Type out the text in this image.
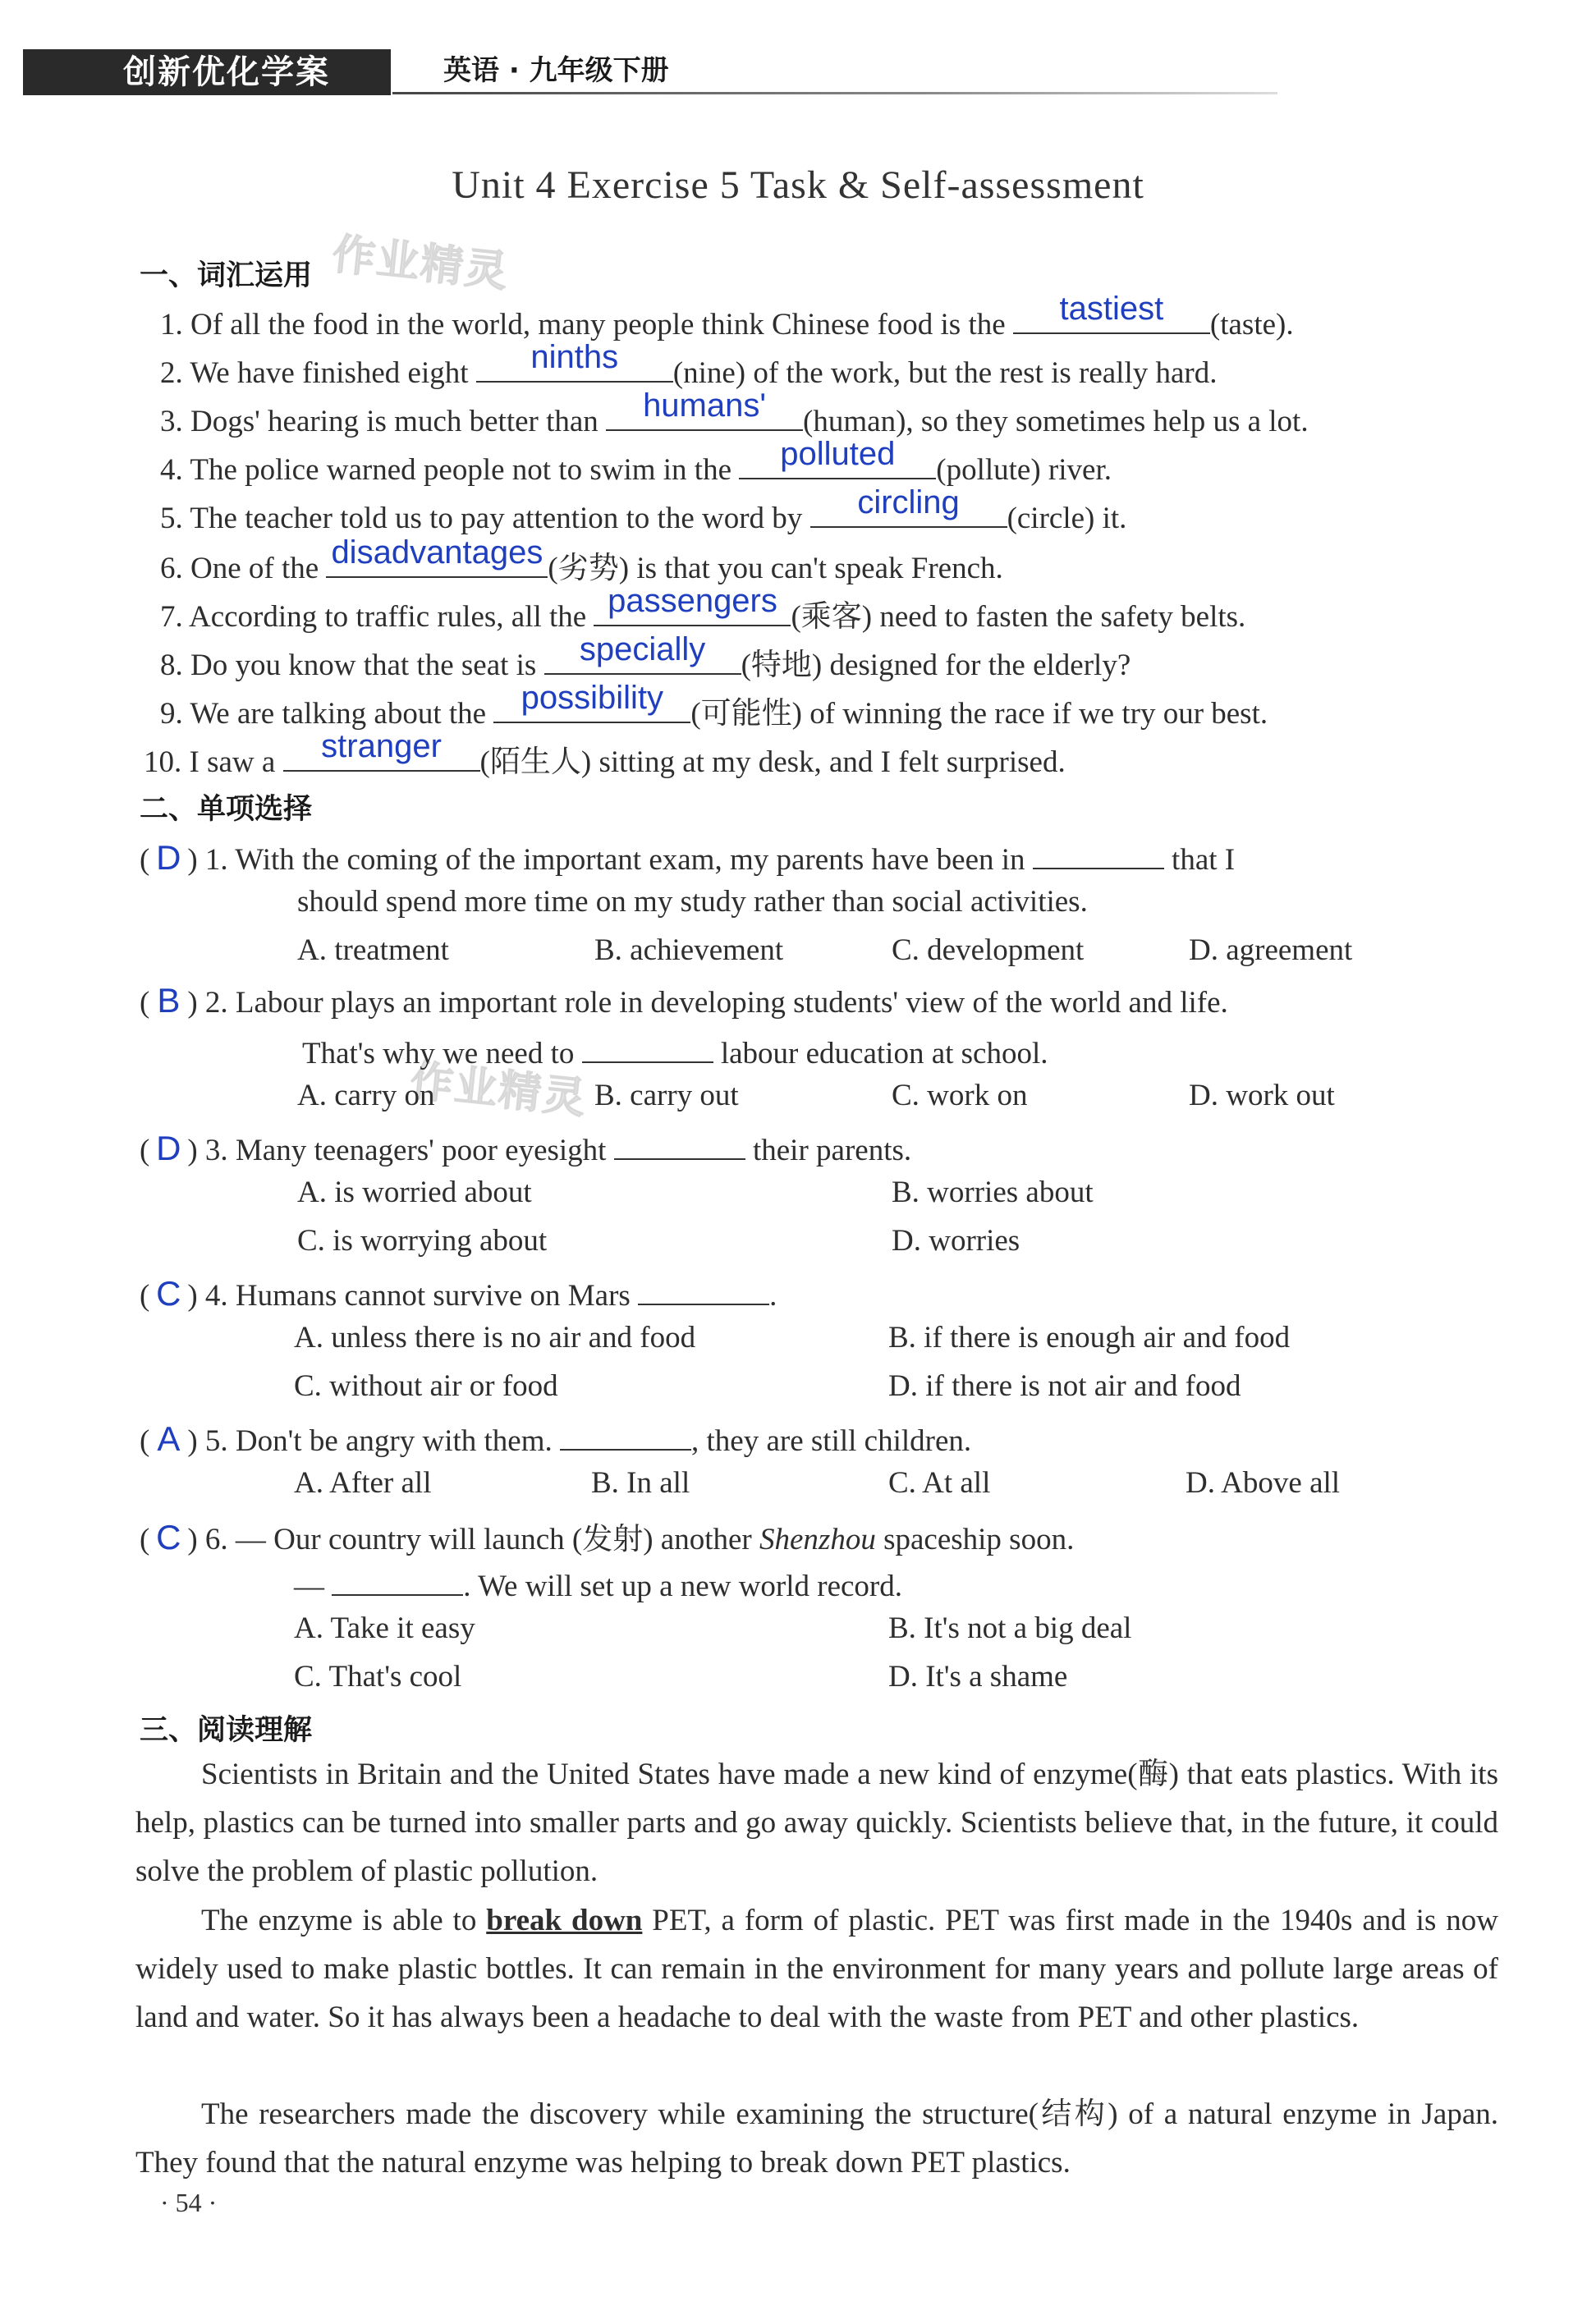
创新优化学案	英语 · 九年级下册
Unit 4 Exercise 5 Task & Self-assessment
作业精灵
作业精灵
一、词汇运用
1. Of all the food in the world, many people think Chinese food is the	tastiest	(taste).
2. We have finished eight	ninths	(nine) of the work, but the rest is really hard.
3. Dogs' hearing is much better than	humans'	(human), so they sometimes help us a lot.
4. The police warned people not to swim in the	polluted	(pollute) river.
5. The teacher told us to pay attention to the word by	circling	(circle) it.
6. One of the disadvantages (劣势) is that you can't speak French.
7. According to traffic rules, all the passengers (乘客) need to fasten the safety belts.
8. Do you know that the seat is	specially	(特地) designed for the elderly?
9. We are talking about the	possibility (可能性) of winning the race if we try our best.
10. I saw a	stranger	(陌生人) sitting at my desk, and I felt surprised.
二、单项选择
( D ) 1. With the coming of the important exam, my parents have been in	that I
should spend more time on my study rather than social activities.
A. treatment	B. achievement	C. development	D. agreement
( B ) 2. Labour plays an important role in developing students' view of the world and life.
That's why we need to	labour education at school.
A. carry on	B. carry out	C. work on	D. work out
( D ) 3. Many teenagers' poor eyesight	their parents.
A. is worried about	B. worries about
C. is worrying about	D. worries
( C ) 4. Humans cannot survive on Mars	.
A. unless there is no air and food	B. if there is enough air and food
C. without air or food	D. if there is not air and food
( A ) 5. Don't be angry with them.	, they are still children.
A. After all	B. In all	C. At all	D. Above all
( C ) 6. — Our country will launch (发射) another Shenzhou spaceship soon.
—	. We will set up a new world record.
A. Take it easy	B. It's not a big deal
C. That's cool	D. It's a shame
三、阅读理解
Scientists in Britain and the United States have made a new kind of enzyme(酶) that eats plastics. With its help, plastics can be turned into smaller parts and go away quickly. Scientists believe that, in the future, it could solve the problem of plastic pollution.
The enzyme is able to break down PET, a form of plastic. PET was first made in the 1940s and is now widely used to make plastic bottles. It can remain in the environment for many years and pollute large areas of land and water. So it has always been a headache to deal with the waste from PET and other plastics.
The researchers made the discovery while examining the structure(结构) of a natural enzyme in Japan. They found that the natural enzyme was helping to break down PET plastics.
· 54 ·
